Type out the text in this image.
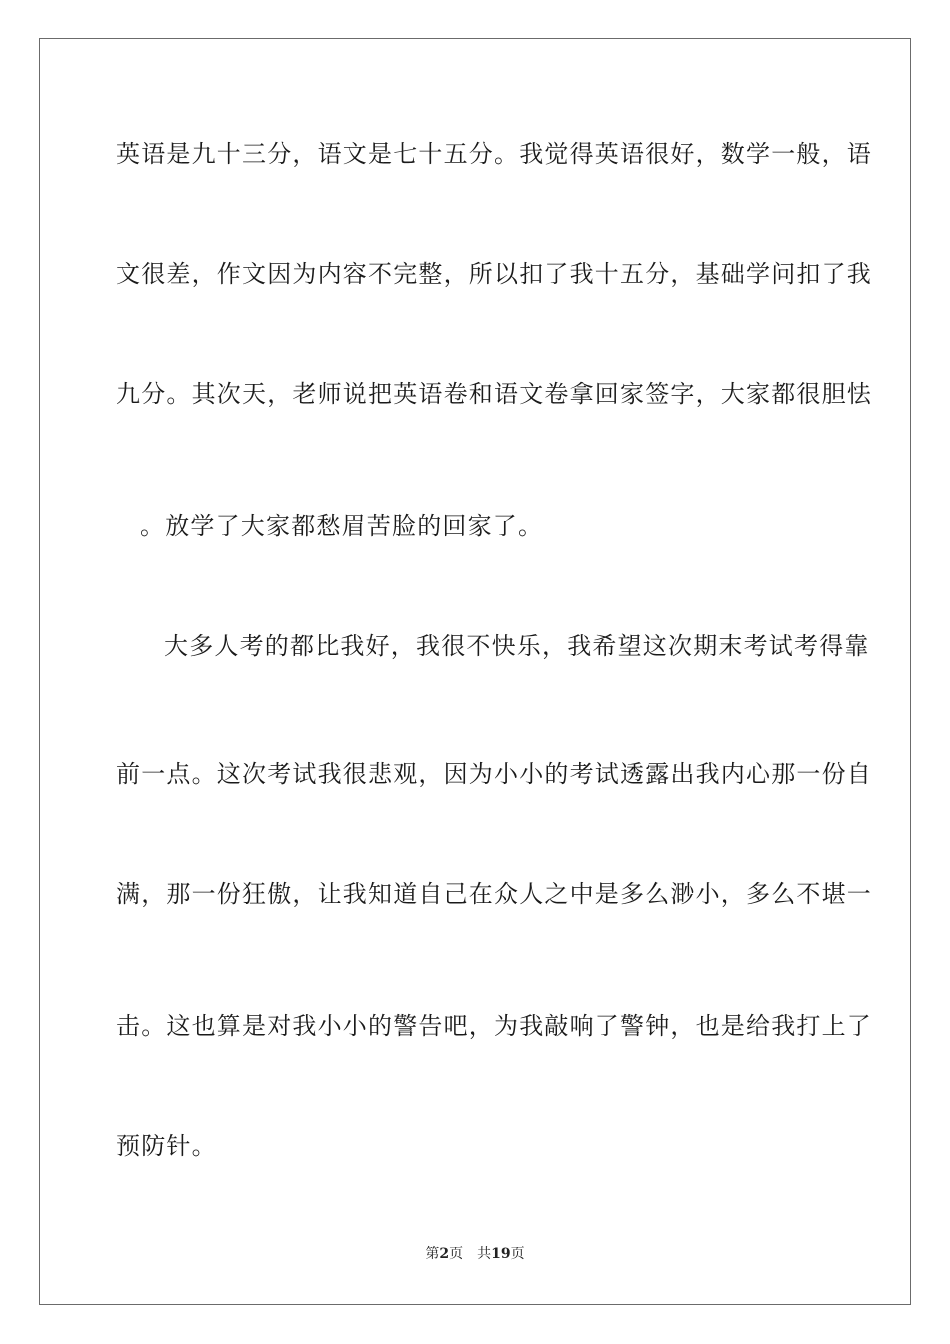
英语是九十三分，语文是七十五分。我觉得英语很好，数学一般，语
文很差，作文因为内容不完整，所以扣了我十五分，基础学问扣了我
九分。其次天，老师说把英语卷和语文卷拿回家签字，大家都很胆怯
。放学了大家都愁眉苦脸的回家了。
大多人考的都比我好，我很不快乐，我希望这次期末考试考得靠
前一点。这次考试我很悲观，因为小小的考试透露出我内心那一份自
满，那一份狂傲，让我知道自己在众人之中是多么渺小，多么不堪一
击。这也算是对我小小的警告吧，为我敲响了警钟，也是给我打上了
预防针。
第2页 共19页
